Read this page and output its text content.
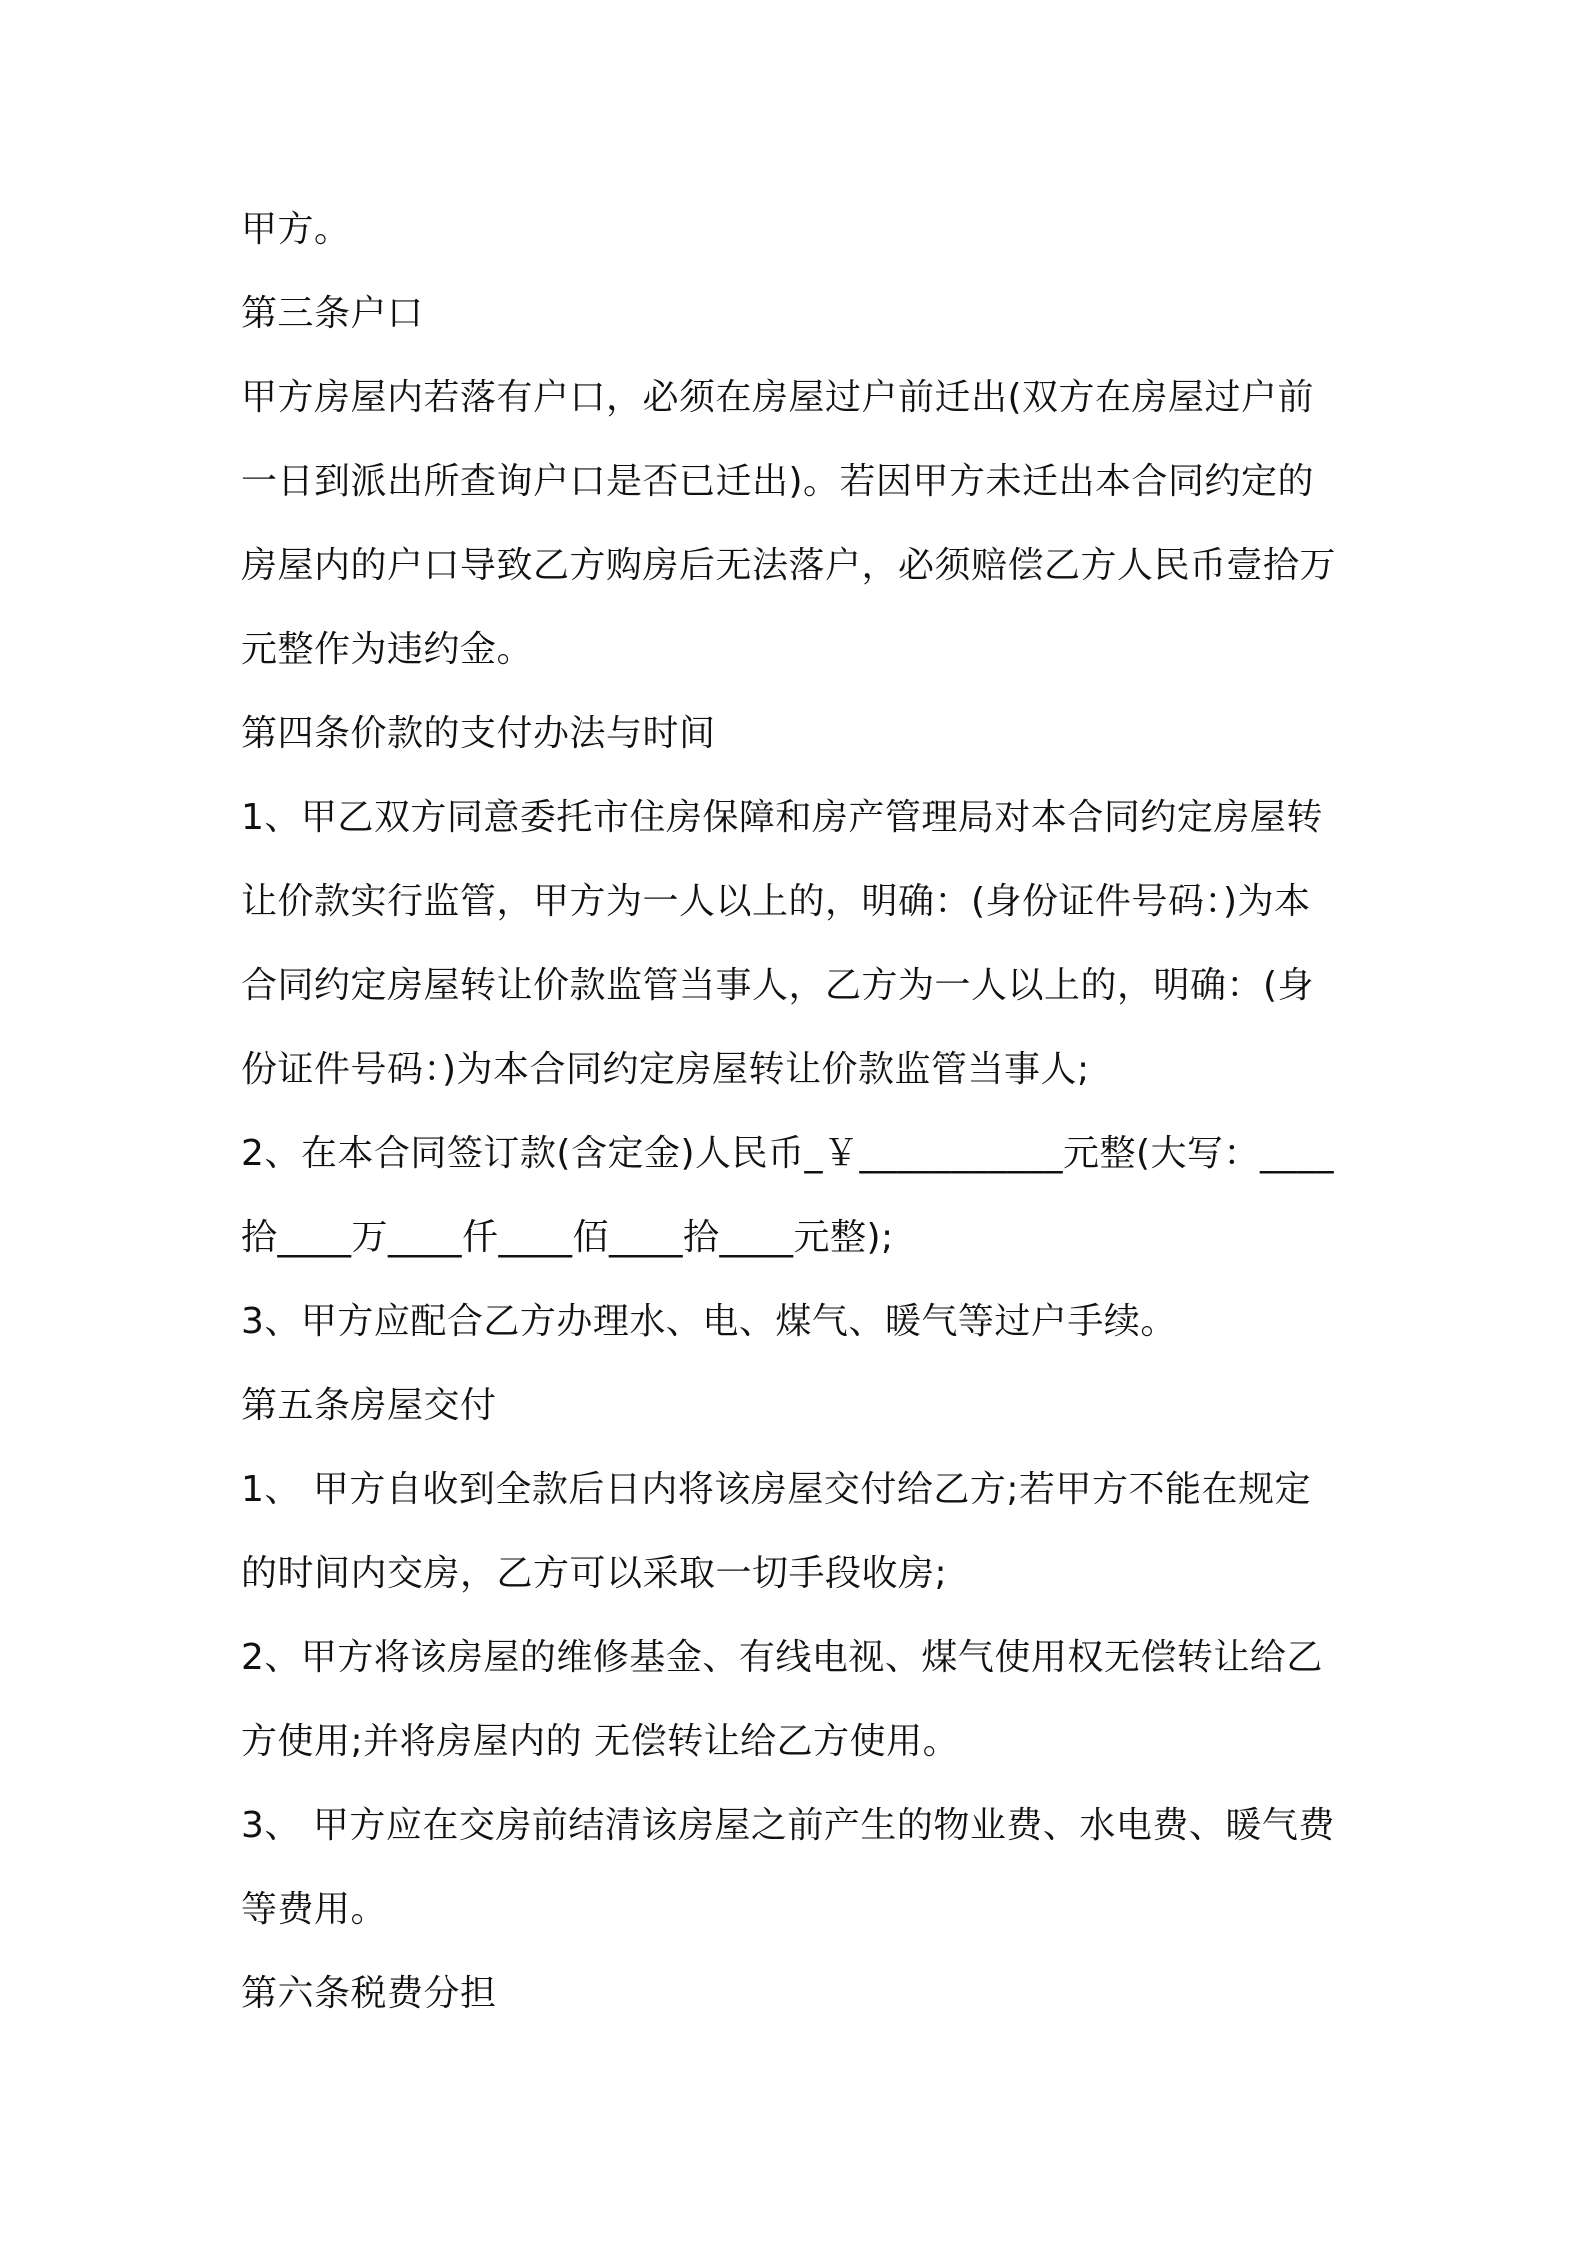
甲方。
第三条户口
甲方房屋内若落有户口，必须在房屋过户前迁出(双方在房屋过户前
一日到派出所查询户口是否已迁出)。若因甲方未迁出本合同约定的
房屋内的户口导致乙方购房后无法落户，必须赔偿乙方人民币壹拾万
元整作为违约金。
第四条价款的支付办法与时间
1、甲乙双方同意委托市住房保障和房产管理局对本合同约定房屋转
让价款实行监管，甲方为一人以上的，明确：(身份证件号码：)为本
合同约定房屋转让价款监管当事人，乙方为一人以上的，明确：(身
份证件号码：)为本合同约定房屋转让价款监管当事人;
2、在本合同签订款(含定金)人民币_￥___________元整(大写：____
拾____万____仟____佰____拾____元整);
3、甲方应配合乙方办理水、电、煤气、暖气等过户手续。
第五条房屋交付
1、 甲方自收到全款后日内将该房屋交付给乙方;若甲方不能在规定
的时间内交房，乙方可以采取一切手段收房;
2、甲方将该房屋的维修基金、有线电视、煤气使用权无偿转让给乙
方使用;并将房屋内的 无偿转让给乙方使用。
3、 甲方应在交房前结清该房屋之前产生的物业费、水电费、暖气费
等费用。
第六条税费分担
